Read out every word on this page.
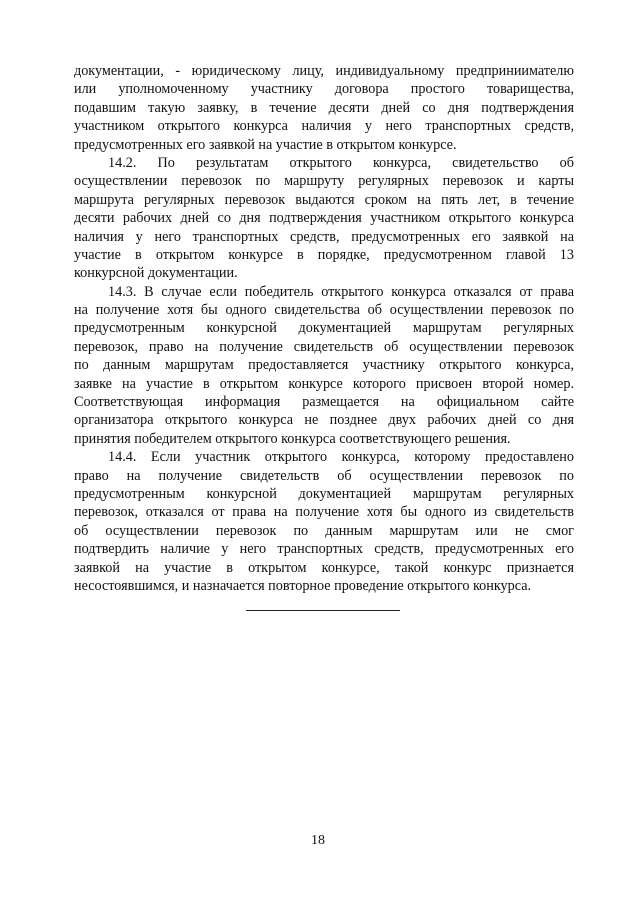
документации, - юридическому лицу, индивидуальному предприниимателю
или уполномоченному участнику договора простого товарищества,
подавшим такую заявку, в течение десяти дней со дня подтверждения
участником открытого конкурса наличия у него транспортных средств,
предусмотренных его заявкой на участие в открытом конкурсе.
14.2. По результатам открытого конкурса, свидетельство об
осуществлении перевозок по маршруту регулярных перевозок и карты
маршрута регулярных перевозок выдаются сроком на пять лет, в течение
десяти рабочих дней со дня подтверждения участником открытого конкурса
наличия у него транспортных средств, предусмотренных его заявкой на
участие в открытом конкурсе в порядке, предусмотренном главой 13
конкурсной документации.
14.3. В случае если победитель открытого конкурса отказался от права
на получение хотя бы одного свидетельства об осуществлении перевозок по
предусмотренным конкурсной документацией маршрутам регулярных
перевозок, право на получение свидетельств об осуществлении перевозок
по данным маршрутам предоставляется участнику открытого конкурса,
заявке на участие в открытом конкурсе которого присвоен второй номер.
Соответствующая информация размещается на официальном сайте
организатора открытого конкурса не позднее двух рабочих дней со дня
принятия победителем открытого конкурса соответствующего решения.
14.4. Если участник открытого конкурса, которому предоставлено
право на получение свидетельств об осуществлении перевозок по
предусмотренным конкурсной документацией маршрутам регулярных
перевозок, отказался от права на получение хотя бы одного из свидетельств
об осуществлении перевозок по данным маршрутам или не смог
подтвердить наличие у него транспортных средств, предусмотренных его
заявкой на участие в открытом конкурсе, такой конкурс признается
несостоявшимся, и назначается повторное проведение открытого конкурса.
18
